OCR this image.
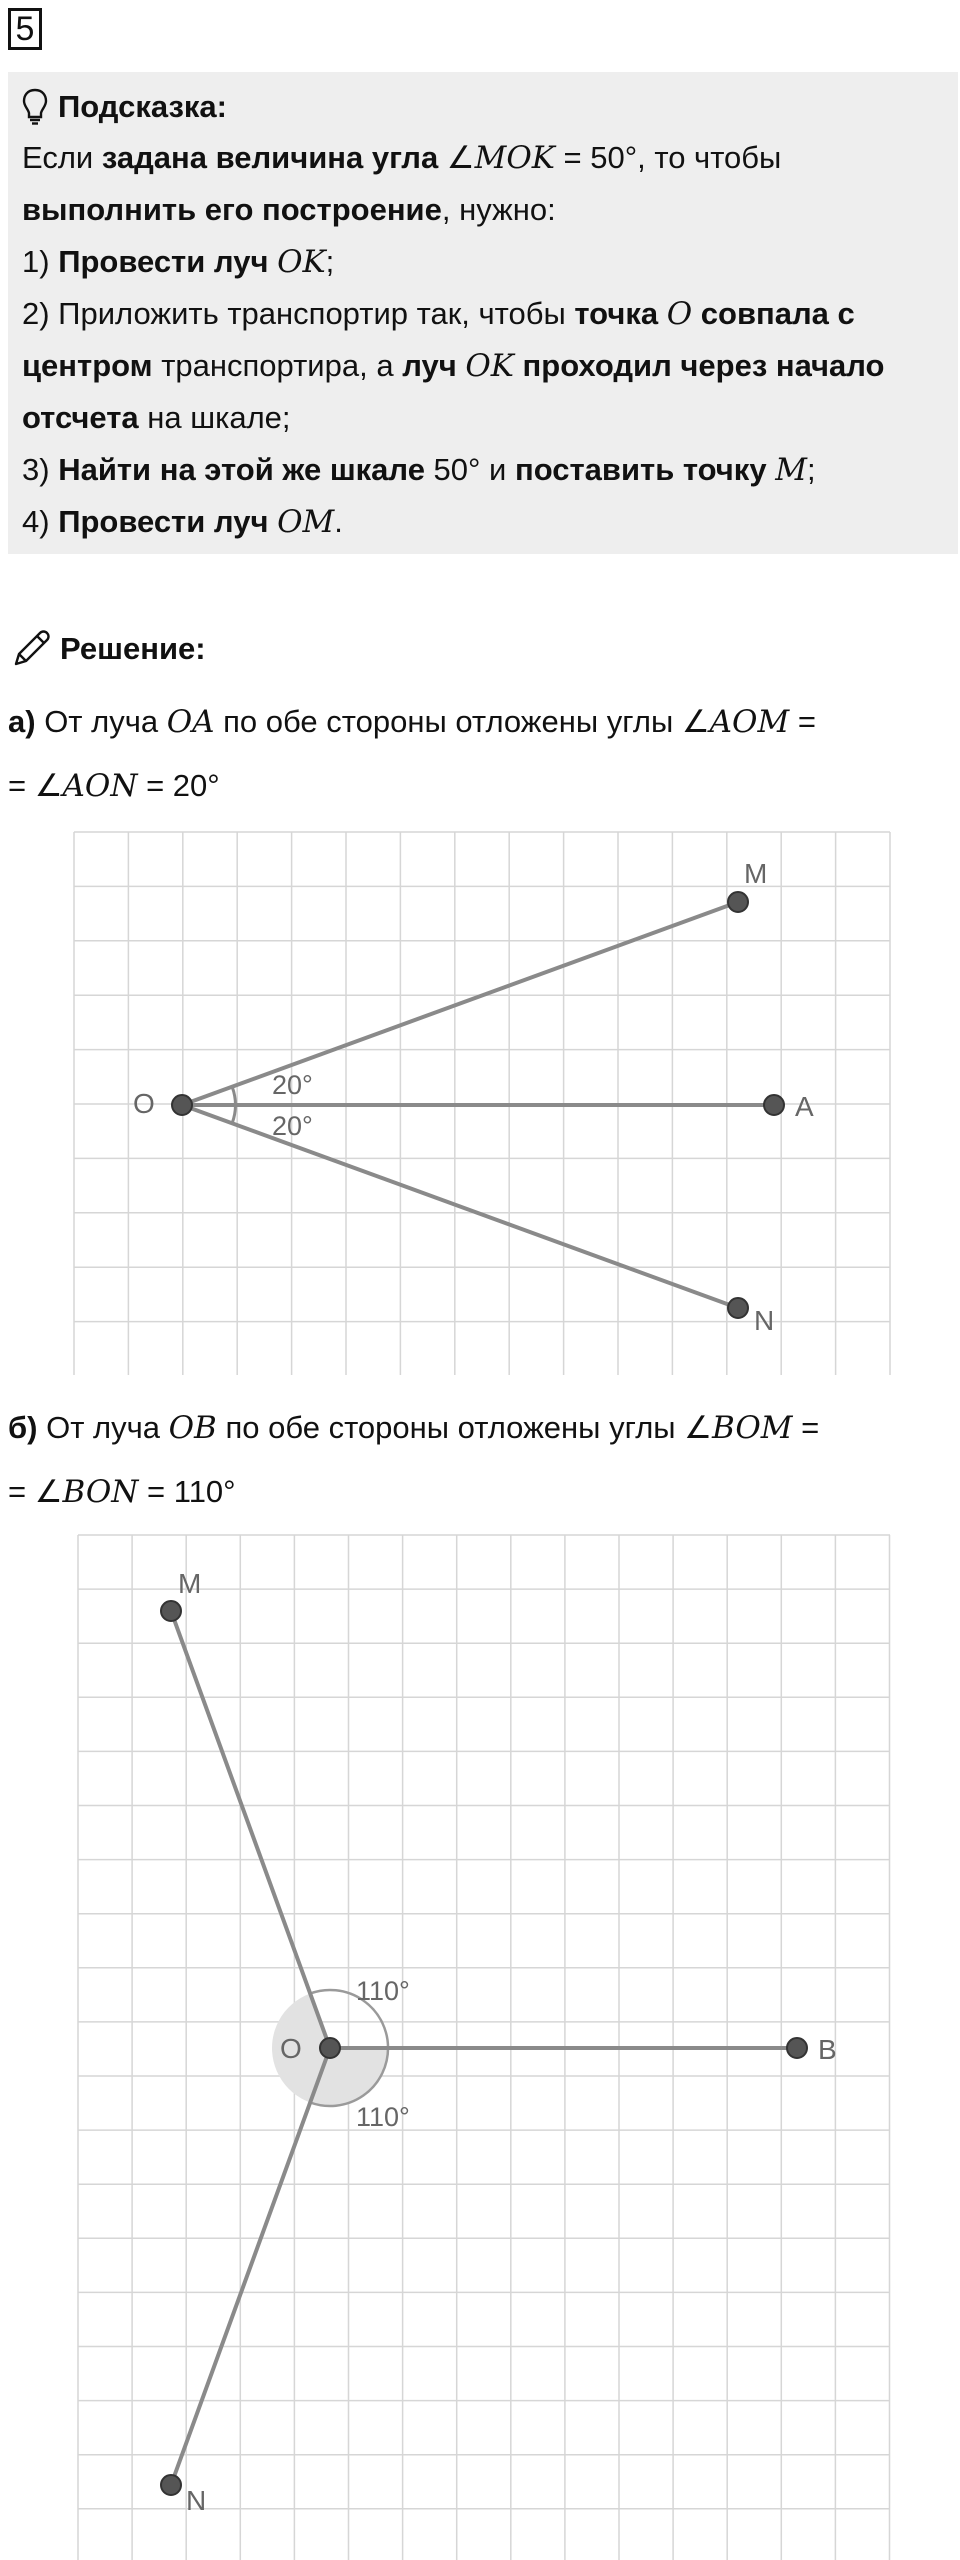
5
Подсказка:
Если задана величина угла ∠MOK = 50°, то чтобы
выполнить его построение, нужно:
1) Провести луч OK;
2) Приложить транспортир так, чтобы точка O совпала с
центром транспортира, а луч OK проходил через начало
отсчета на шкале;
3) Найти на этой же шкале 50° и поставить точку M;
4) Провести луч OM.
Решение:
а) От луча OA по обе стороны отложены углы ∠AOM =
= ∠AON = 20°
O
M
A
N
20°
20°
б) От луча OB по обе стороны отложены углы ∠BOM =
= ∠BON = 110°
O
M
B
N
110°
110°
